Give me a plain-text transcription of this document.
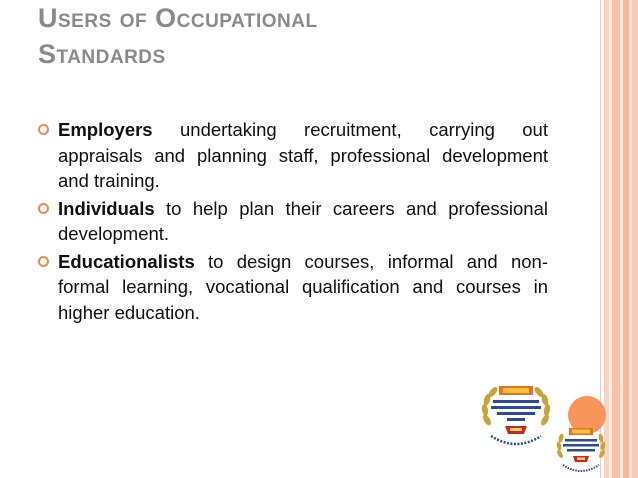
Users of Occupational
Standards
Employers undertaking recruitment, carrying out appraisals and planning staff, professional development and training.
Individuals to help plan their careers and professional development.
Educationalists to design courses, informal and non-formal learning, vocational qualification and courses in higher education.
